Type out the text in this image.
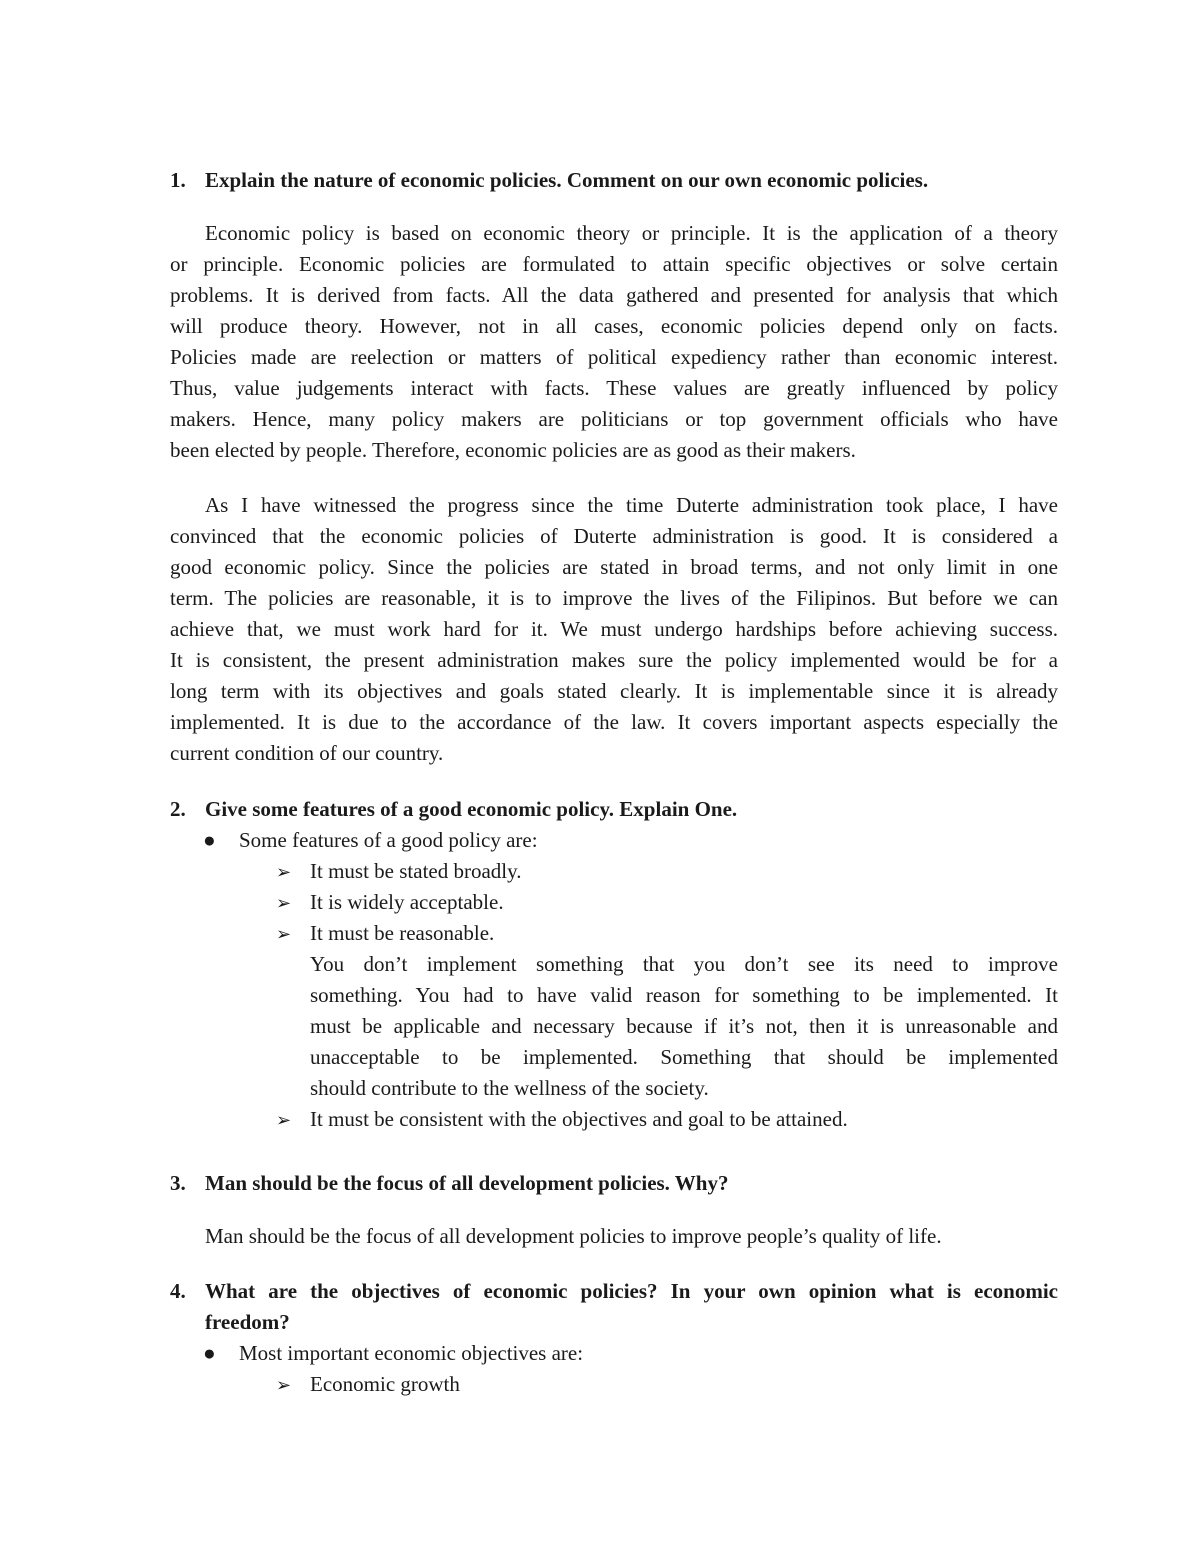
1. Explain the nature of economic policies. Comment on our own economic policies.
Economic policy is based on economic theory or principle. It is the application of a theory
or principle. Economic policies are formulated to attain specific objectives or solve certain
problems. It is derived from facts. All the data gathered and presented for analysis that which
will produce theory. However, not in all cases, economic policies depend only on facts.
Policies made are reelection or matters of political expediency rather than economic interest.
Thus, value judgements interact with facts. These values are greatly influenced by policy
makers. Hence, many policy makers are politicians or top government officials who have
been elected by people. Therefore, economic policies are as good as their makers.
As I have witnessed the progress since the time Duterte administration took place, I have
convinced that the economic policies of Duterte administration is good. It is considered a
good economic policy. Since the policies are stated in broad terms, and not only limit in one
term. The policies are reasonable, it is to improve the lives of the Filipinos. But before we can
achieve that, we must work hard for it. We must undergo hardships before achieving success.
It is consistent, the present administration makes sure the policy implemented would be for a
long term with its objectives and goals stated clearly. It is implementable since it is already
implemented. It is due to the accordance of the law. It covers important aspects especially the
current condition of our country.
2. Give some features of a good economic policy. Explain One.
● Some features of a good policy are:
➢ It must be stated broadly.
➢ It is widely acceptable.
➢ It must be reasonable.
You don’t implement something that you don’t see its need to improve
something. You had to have valid reason for something to be implemented. It
must be applicable and necessary because if it’s not, then it is unreasonable and
unacceptable to be implemented. Something that should be implemented
should contribute to the wellness of the society.
➢ It must be consistent with the objectives and goal to be attained.
3. Man should be the focus of all development policies. Why?
Man should be the focus of all development policies to improve people’s quality of life.
4. What are the objectives of economic policies? In your own opinion what is economic
freedom?
● Most important economic objectives are:
➢ Economic growth
